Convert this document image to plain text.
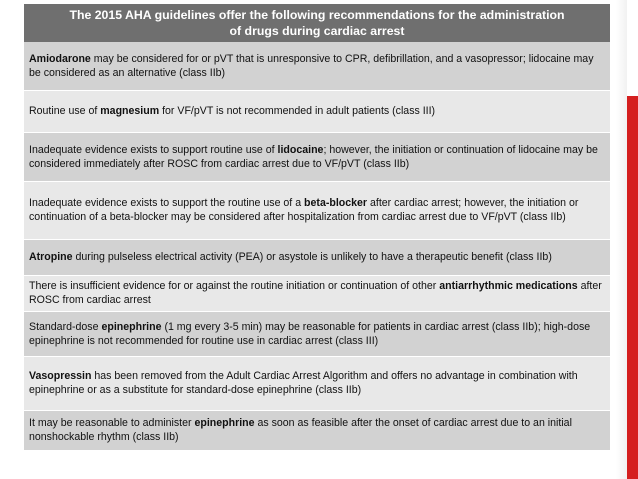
The 2015 AHA guidelines offer the following recommendations for the administration
of drugs during cardiac arrest
Amiodarone may be considered for or pVT that is unresponsive to CPR, defibrillation, and a vasopressor; lidocaine may be considered as an alternative (class IIb)
Routine use of magnesium for VF/pVT is not recommended in adult patients (class III)
Inadequate evidence exists to support routine use of lidocaine; however, the initiation or continuation of lidocaine may be considered immediately after ROSC from cardiac arrest due to VF/pVT (class IIb)
Inadequate evidence exists to support the routine use of a beta-blocker after cardiac arrest; however, the initiation or continuation of a beta-blocker may be considered after hospitalization from cardiac arrest due to VF/pVT (class IIb)
Atropine during pulseless electrical activity (PEA) or asystole is unlikely to have a therapeutic benefit (class IIb)
There is insufficient evidence for or against the routine initiation or continuation of other antiarrhythmic medications after ROSC from cardiac arrest
Standard-dose epinephrine (1 mg every 3-5 min) may be reasonable for patients in cardiac arrest (class IIb); high-dose epinephrine is not recommended for routine use in cardiac arrest (class III)
Vasopressin has been removed from the Adult Cardiac Arrest Algorithm and offers no advantage in combination with epinephrine or as a substitute for standard-dose epinephrine (class IIb)
It may be reasonable to administer epinephrine as soon as feasible after the onset of cardiac arrest due to an initial nonshockable rhythm (class IIb)
